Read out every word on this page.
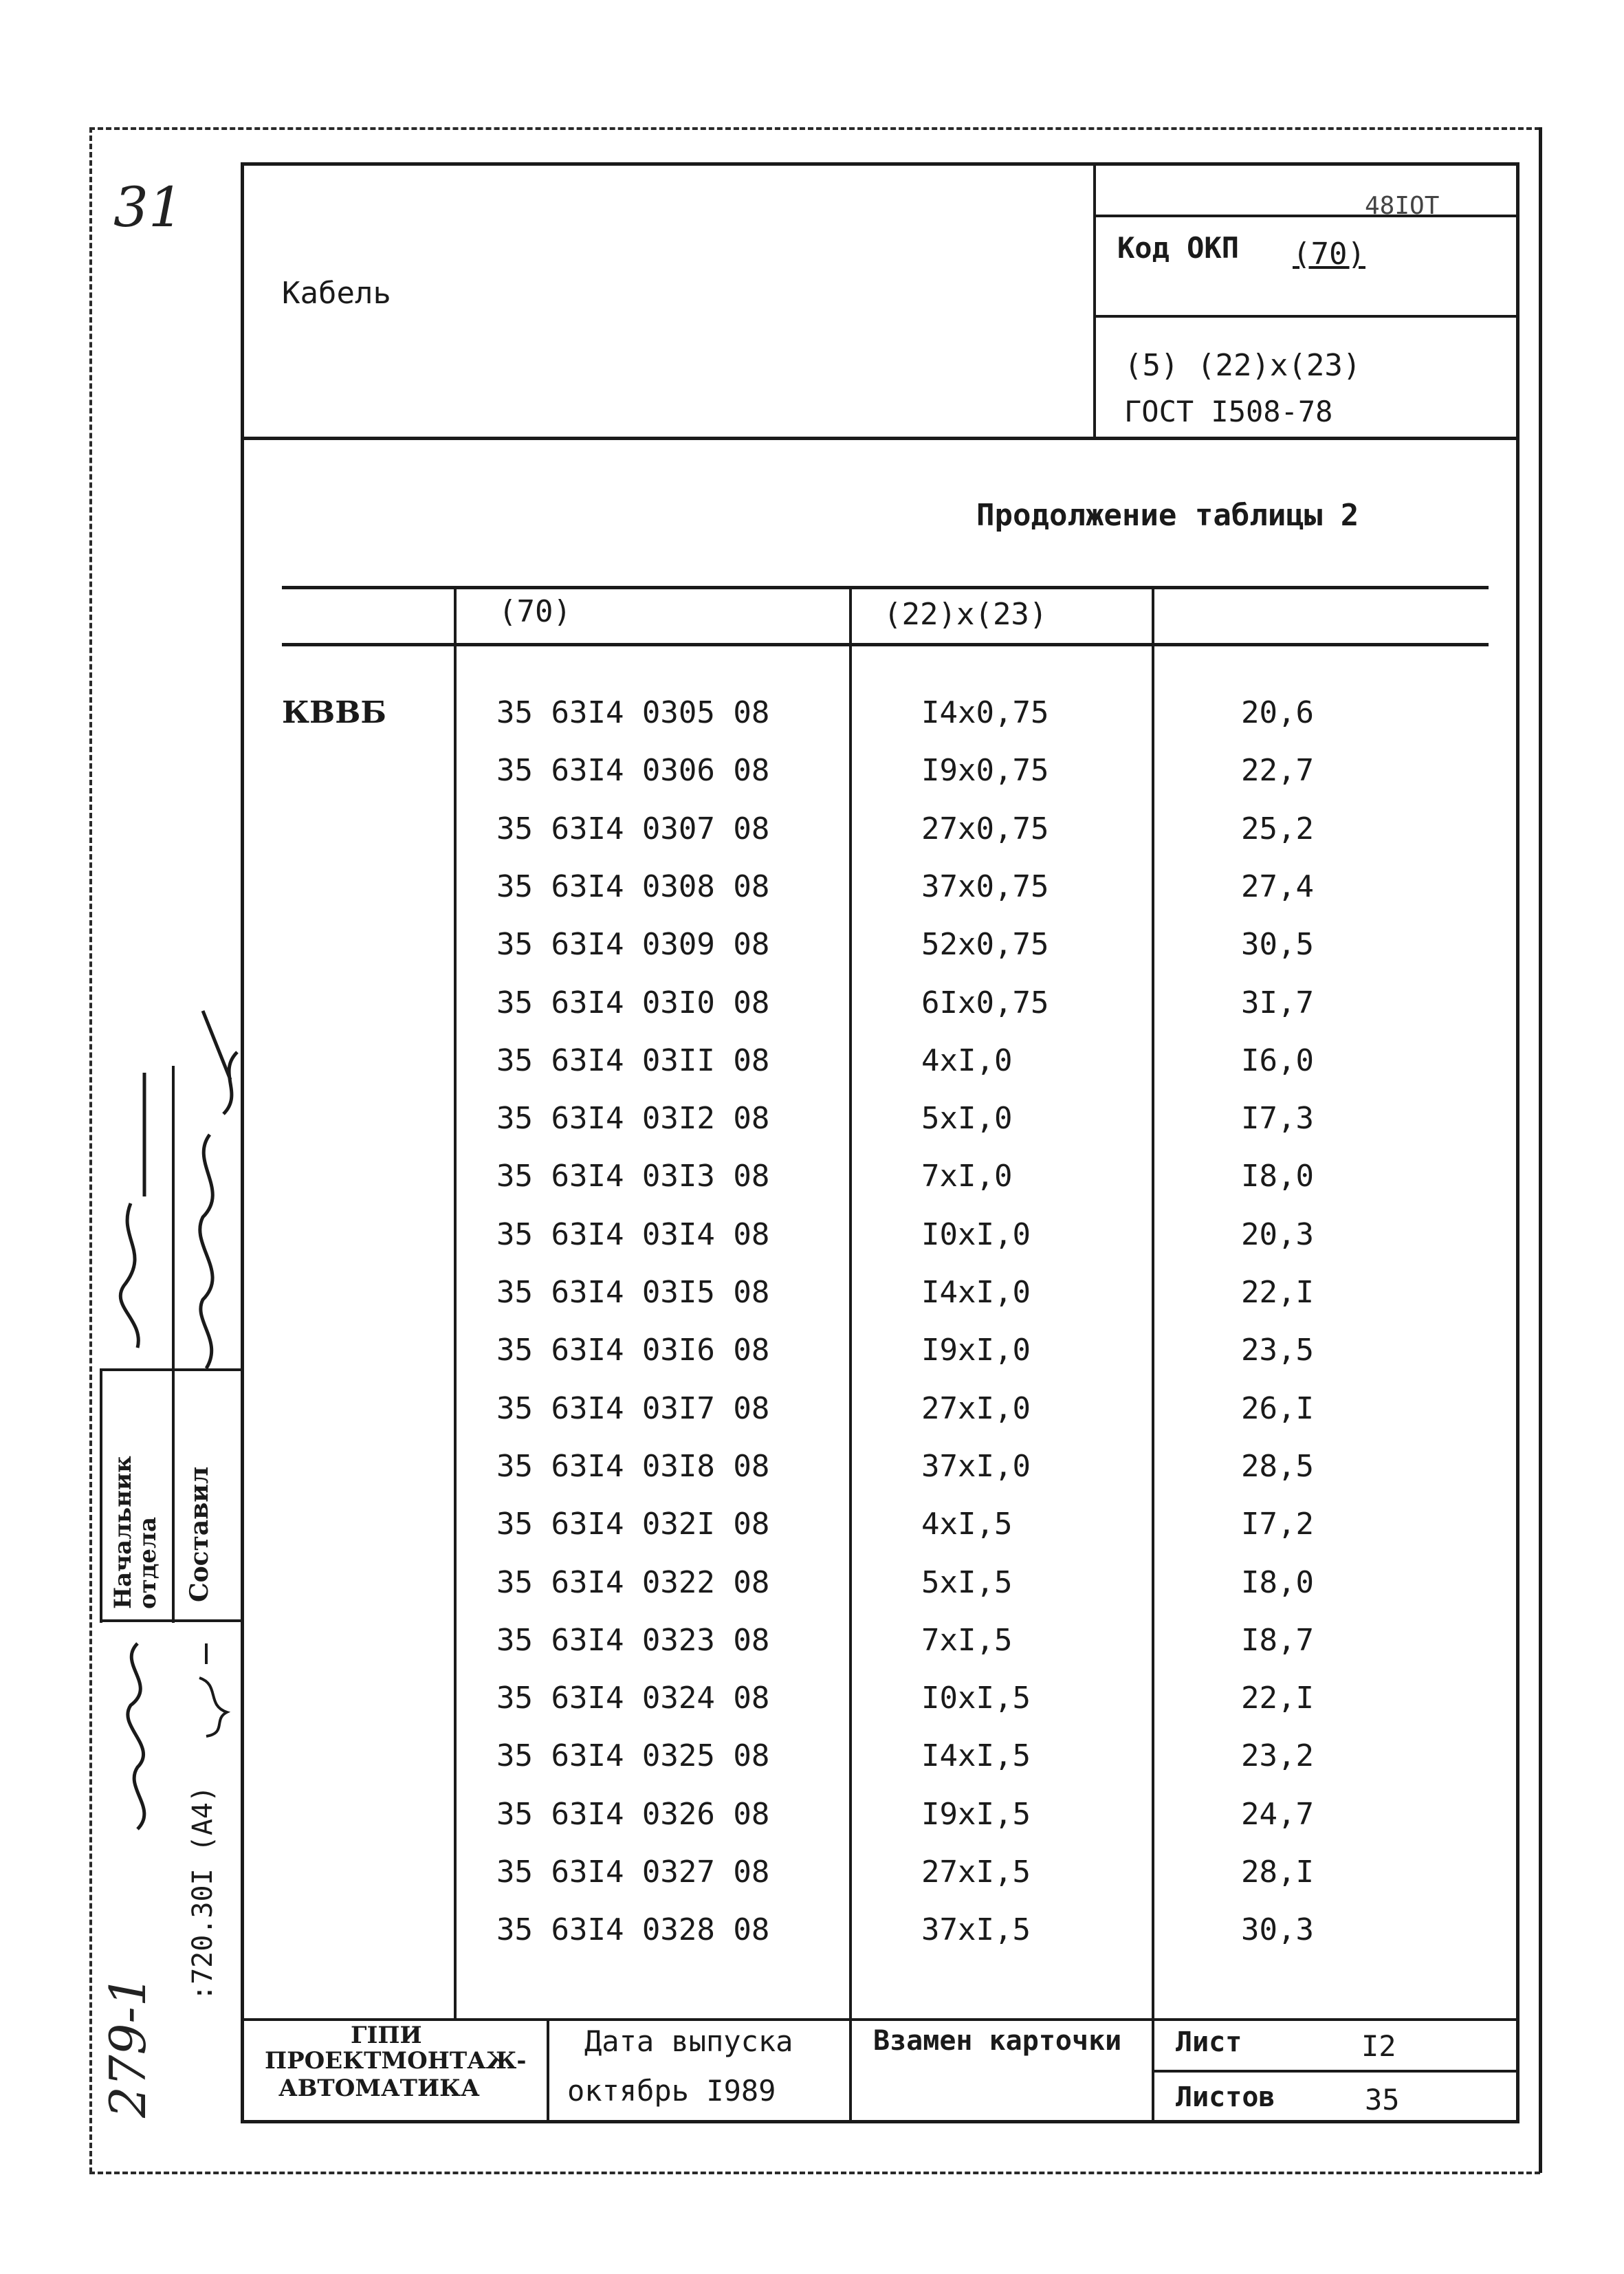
31
Кабель
48ІОТ
Код ОКП (70)
(5) (22)x(23)
ГОСТ І508-78
Продолжение таблицы 2
(70)	(22)x(23)
КВВБ	35 63І4 0305 08	І4x0,75	20,6
35 63І4 0306 08	І9x0,75	22,7
35 63І4 0307 08	27x0,75	25,2
35 63І4 0308 08	37x0,75	27,4
35 63І4 0309 08	52x0,75	30,5
35 63І4 03І0 08	6Іx0,75	3І,7
35 63І4 03ІІ 08	4xІ,0	І6,0
35 63І4 03І2 08	5xІ,0	І7,3
35 63І4 03І3 08	7xІ,0	І8,0
35 63І4 03І4 08	І0xІ,0	20,3
35 63І4 03І5 08	І4xІ,0	22,І
35 63І4 03І6 08	І9xІ,0	23,5
35 63І4 03І7 08	27xІ,0	26,І
35 63І4 03І8 08	37xІ,0	28,5
35 63І4 032І 08	4xІ,5	І7,2
35 63І4 0322 08	5xІ,5	І8,0
35 63І4 0323 08	7xІ,5	І8,7
35 63І4 0324 08	І0xІ,5	22,І
35 63І4 0325 08	І4xІ,5	23,2
35 63І4 0326 08	І9xІ,5	24,7
35 63І4 0327 08	27xІ,5	28,І
35 63І4 0328 08	37xІ,5	30,3
ГІПИ
ПРОЕКТМОНТАЖ-
АВТОМАТИКА
Дата выпуска
октябрь І989
Взамен карточки Лист	І2
Листов	35
Начальник отдела Составил
:720.30І (А4)
279-1
